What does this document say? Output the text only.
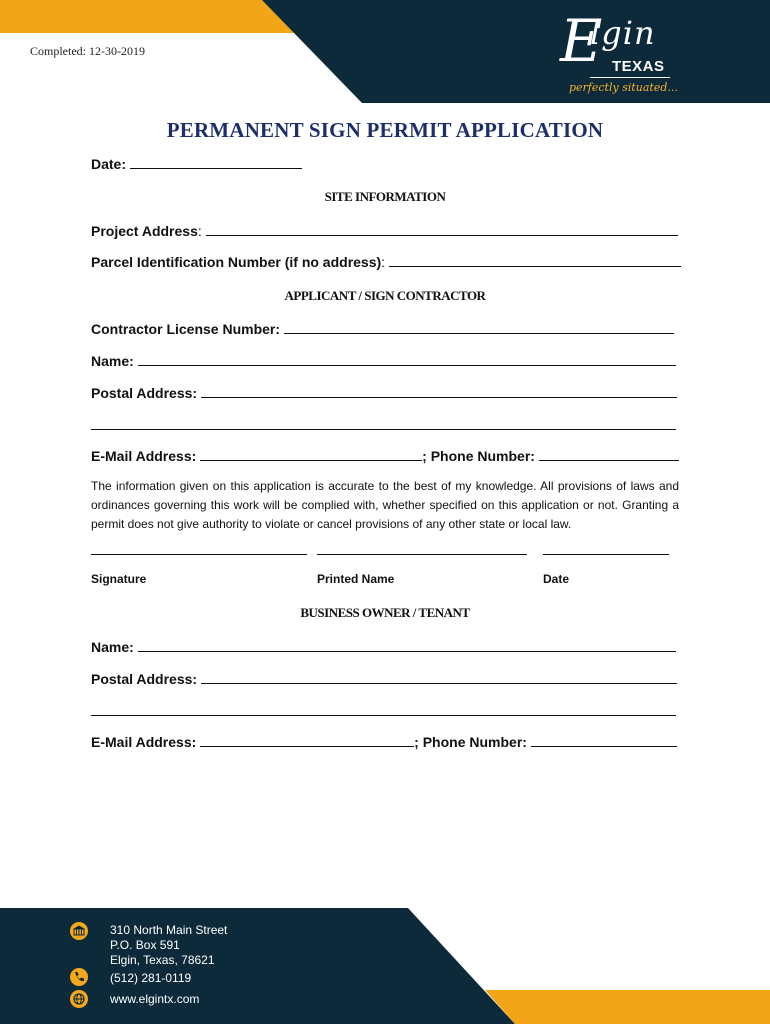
Completed: 12-30-2019	E
lgin
TEXAS
perfectly situated...
PERMANENT SIGN PERMIT APPLICATION
Date:
SITE INFORMATION
Project Address:
Parcel Identification Number (if no address):
APPLICANT / SIGN CONTRACTOR
Contractor License Number:
Name:
Postal Address:
E-Mail Address:	; Phone Number:
The information given on this application is accurate to the best of my knowledge. All provisions of laws and ordinances governing this work will be complied with, whether specified on this application or not. Granting a permit does not give authority to violate or cancel provisions of any other state or local law.
Signature	Printed Name	Date
BUSINESS OWNER / TENANT
Name:
Postal Address:
E-Mail Address:	; Phone Number:
310 North Main Street
P.O. Box 591
Elgin, Texas, 78621
(512) 281-0119
www.elgintx.com
